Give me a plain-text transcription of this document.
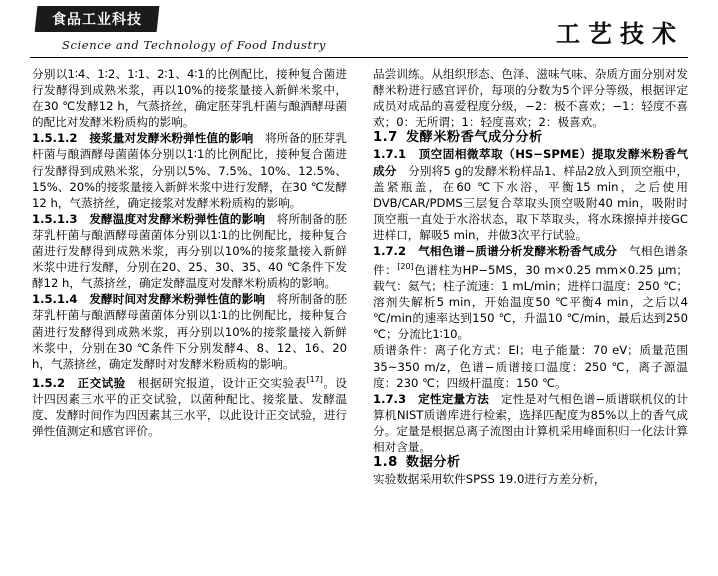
食品工业科技
Science and Technology of Food Industry	工艺技术

分别以1∶4、1∶2、1∶1、2∶1、4∶1的比例配比，接种复合菌进行发酵得到成熟米浆，再以10%的接浆量接入新鲜米浆中，在30 ℃发酵12 h，气蒸挤丝，确定胚芽乳杆菌与酿酒酵母菌的配比对发酵米粉质构的影响。

1.5.1.2　 接浆量对发酵米粉弹性值的影响　 将所备的胚芽乳杆菌与酿酒酵母菌菌体分别以1∶1的比例配比，接种复合菌进行发酵得到成熟米浆，分别以5%、7.5%、10%、12.5%、15%、20%的接浆量接入新鲜米浆中进行发酵，在30 ℃发酵12 h，气蒸挤丝，确定接浆对发酵米粉质构的影响。

1.5.1.3　 发酵温度对发酵米粉弹性值的影响　 将所制备的胚芽乳杆菌与酿酒酵母菌菌体分别以1∶1的比例配比，接种复合菌进行发酵得到成熟米浆，再分别以10%的接浆量接入新鲜米浆中进行发酵，分别在20、25、30、35、40 ℃条件下发酵12 h，气蒸挤丝，确定发酵温度对发酵米粉质构的影响。

1.5.1.4　 发酵时间对发酵米粉弹性值的影响　 将所制备的胚芽乳杆菌与酿酒酵母菌菌体分别以1∶1的比例配比，接种复合菌进行发酵得到成熟米浆，再分别以10%的接浆量接入新鲜米浆中，分别在30 ℃条件下分别发酵4、8、12、16、20 h，气蒸挤丝，确定发酵时对发酵米粉质构的影响。

1.5.2　 正交试验　 根据研究报道，设计正交实验表[17]。设计四因素三水平的正交试验，以菌种配比、接浆量、发酵温度、发酵时间作为四因素其三水平，以此设计正交试验，进行弹性值测定和感官评价。

品尝训练。从组织形态、色泽、滋味气味、杂质方面分别对发酵米粉进行感官评价，每项的分数为5个评分等级，根据评定成员对成品的喜爱程度分级，−2：极不喜欢；−1：轻度不喜欢；0：无所谓；1：轻度喜欢；2：极喜欢。

1.7 发酵米粉香气成分分析

1.7.1　 顶空固相微萃取（HS−SPME）提取发酵米粉香气成分　 分别将5 g的发酵米粉样品1、样品2放入到顶空瓶中，盖紧瓶盖，在60 ℃下水浴，平衡15 min，之后使用DVB/CAR/PDMS三层复合萃取头顶空吸附40 min，吸附时顶空瓶一直处于水浴状态，取下萃取头，将水珠擦掉并接GC进样口，解吸5 min，并做3次平行试验。

1.7.2　 气相色谱−质谱分析发酵米粉香气成分　 气相色谱条件：[20]色谱柱为HP−5MS，30 m×0.25 mm×0.25 μm；载气：氦气；柱子流速：1 mL/min；进样口温度：250 ℃；溶剂失解析5 min，开始温度50 ℃平衡4 min，之后以4 ℃/min的速率达到150 ℃，升温10 ℃/min，最后达到250 ℃；分流比1∶10。

质谱条件：离子化方式：EI；电子能量：70 eV；质量范围35~350 m/z，色谱−质谱接口温度：250 ℃，离子源温度：230 ℃；四级杆温度：150 ℃。

1.7.3　 定性定量方法　 定性是对气相色谱−质谱联机仪的计算机NIST质谱库进行检索，选择匹配度为85%以上的香气成分。定量是根据总离子流图由计算机采用峰面积归一化法计算相对含量。

1.8 数据分析

实验数据采用软件SPSS 19.0进行方差分析，
